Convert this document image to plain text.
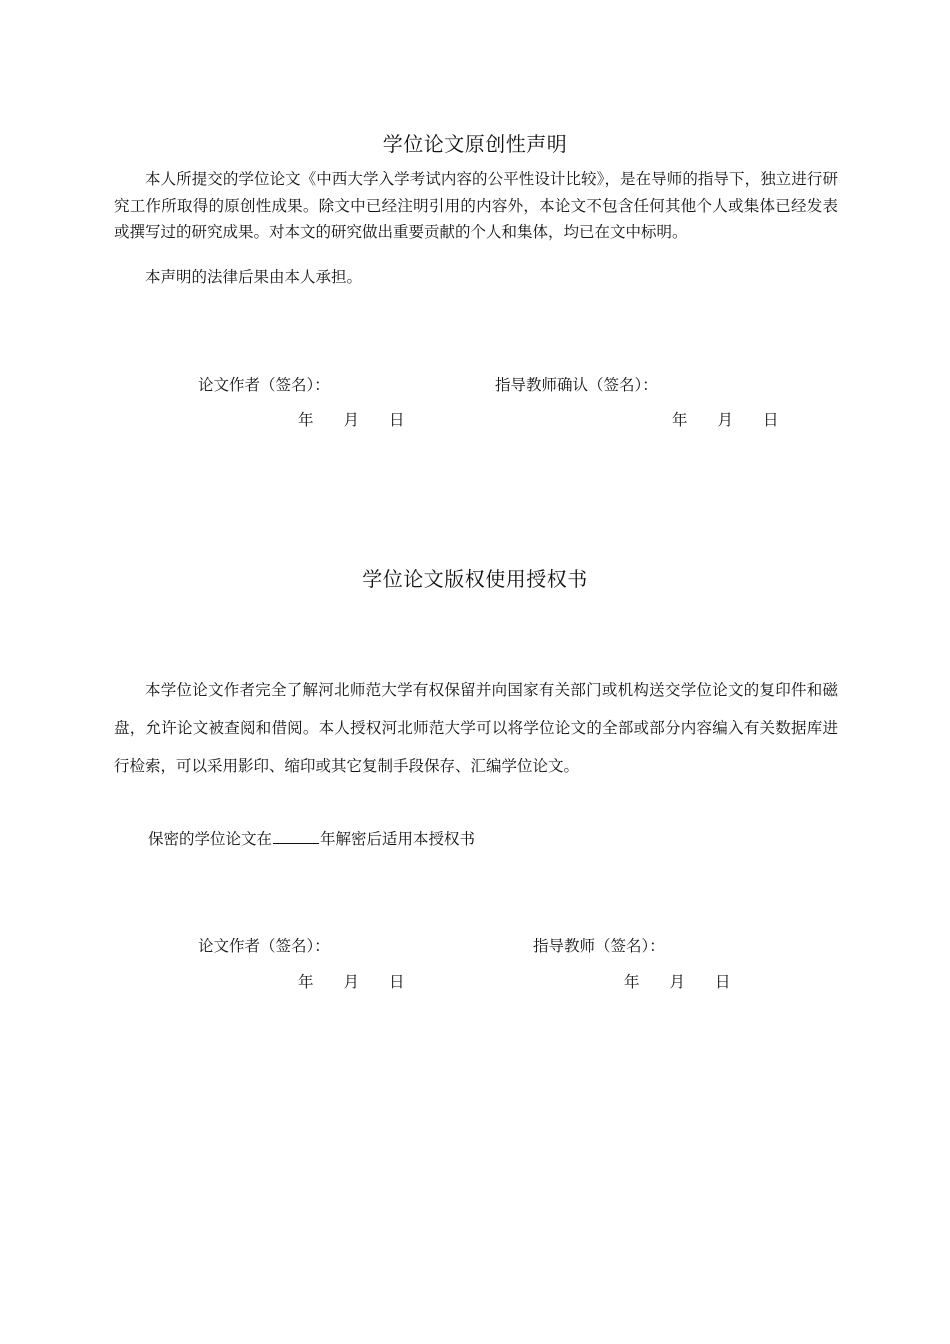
学位论文原创性声明

本人所提交的学位论文《中西大学入学考试内容的公平性设计比较》，是在导师的指导下，独立进行研究工作所取得的原创性成果。除文中已经注明引用的内容外，本论文不包含任何其他个人或集体已经发表或撰写过的研究成果。对本文的研究做出重要贡献的个人和集体，均已在文中标明。

本声明的法律后果由本人承担。

论文作者（签名）：	指导教师确认（签名）：
年 月 日	年 月 日
学位论文版权使用授权书

本学位论文作者完全了解河北师范大学有权保留并向国家有关部门或机构送交学位论文的复印件和磁盘，允许论文被查阅和借阅。本人授权河北师范大学可以将学位论文的全部或部分内容编入有关数据库进行检索，可以采用影印、缩印或其它复制手段保存、汇编学位论文。

保密的学位论文在	年解密后适用本授权书

论文作者（签名）：	指导教师（签名）：
年 月 日	年 月 日
